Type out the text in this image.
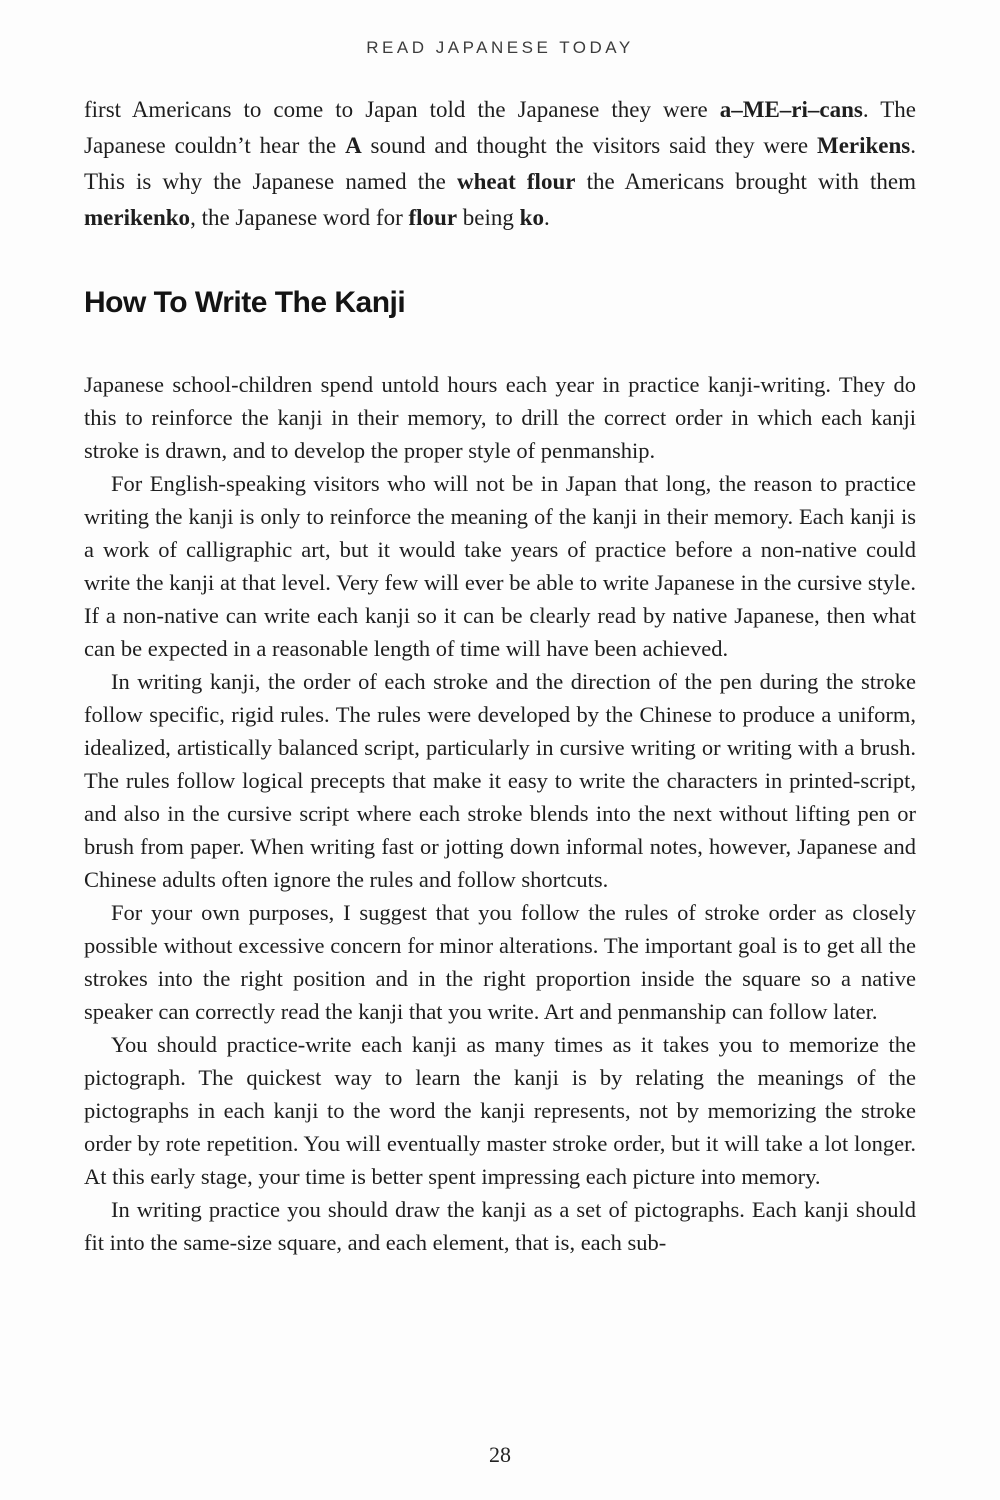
READ JAPANESE TODAY

first Americans to come to Japan told the Japanese they were a–ME–ri–cans. The Japanese couldn’t hear the A sound and thought the visitors said they were Merikens. This is why the Japanese named the wheat flour the Americans brought with them merikenko, the Japanese word for flour being ko.

How To Write The Kanji

Japanese school-children spend untold hours each year in practice kanji-writing. They do this to reinforce the kanji in their memory, to drill the correct order in which each kanji stroke is drawn, and to develop the proper style of penmanship.

For English-speaking visitors who will not be in Japan that long, the reason to practice writing the kanji is only to reinforce the meaning of the kanji in their memory. Each kanji is a work of calligraphic art, but it would take years of practice before a non-native could write the kanji at that level. Very few will ever be able to write Japanese in the cursive style. If a non-native can write each kanji so it can be clearly read by native Japanese, then what can be expected in a reasonable length of time will have been achieved.

In writing kanji, the order of each stroke and the direction of the pen during the stroke follow specific, rigid rules. The rules were developed by the Chinese to produce a uniform, idealized, artistically balanced script, particularly in cursive writing or writing with a brush. The rules follow logical precepts that make it easy to write the characters in printed-script, and also in the cursive script where each stroke blends into the next without lifting pen or brush from paper. When writing fast or jotting down informal notes, however, Japanese and Chinese adults often ignore the rules and follow shortcuts.

For your own purposes, I suggest that you follow the rules of stroke order as closely possible without excessive concern for minor alterations. The important goal is to get all the strokes into the right position and in the right proportion inside the square so a native speaker can correctly read the kanji that you write. Art and penmanship can follow later.

You should practice-write each kanji as many times as it takes you to memorize the pictograph. The quickest way to learn the kanji is by relating the meanings of the pictographs in each kanji to the word the kanji represents, not by memorizing the stroke order by rote repetition. You will eventually master stroke order, but it will take a lot longer. At this early stage, your time is better spent impressing each picture into memory.

In writing practice you should draw the kanji as a set of pictographs. Each kanji should fit into the same-size square, and each element, that is, each sub-

28
